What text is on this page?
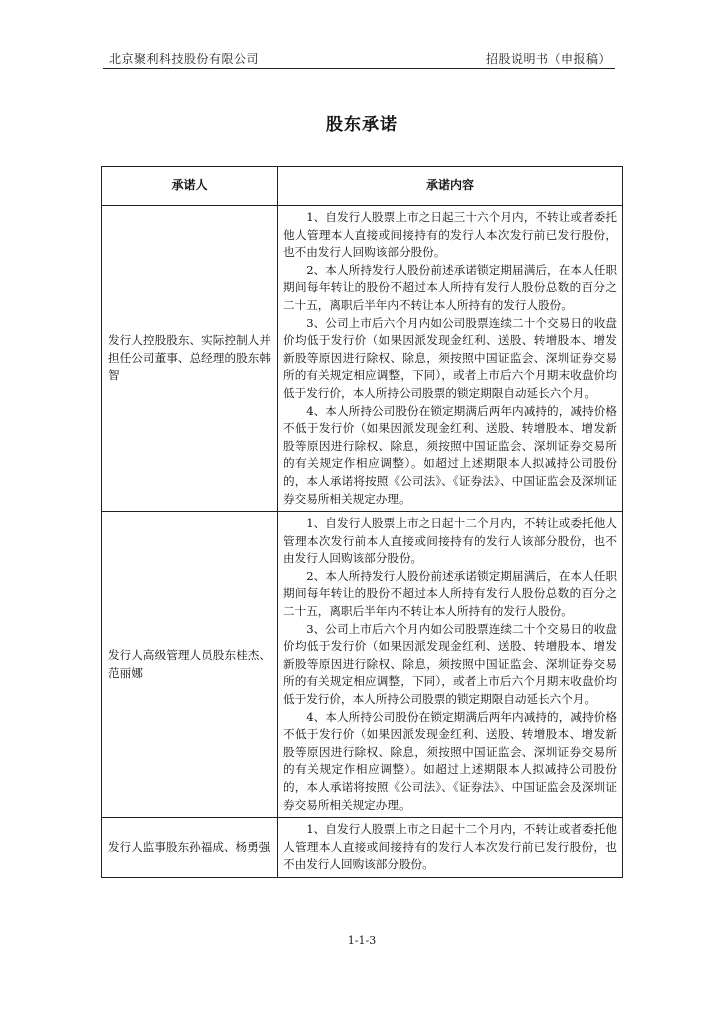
北京聚利科技股份有限公司	招股说明书（申报稿）
股东承诺
承诺人	承诺内容
发行人控股股东、实际控制人并担任公司董事、总经理的股东韩智	1、自发行人股票上市之日起三十六个月内，不转让或者委托他人管理本人直接或间接持有的发行人本次发行前已发行股份，也不由发行人回购该部分股份。

2、本人所持发行人股份前述承诺锁定期届满后，在本人任职期间每年转让的股份不超过本人所持有发行人股份总数的百分之二十五，离职后半年内不转让本人所持有的发行人股份。

3、公司上市后六个月内如公司股票连续二十个交易日的收盘价均低于发行价（如果因派发现金红利、送股、转增股本、增发新股等原因进行除权、除息，须按照中国证监会、深圳证券交易所的有关规定相应调整，下同），或者上市后六个月期末收盘价均低于发行价，本人所持公司股票的锁定期限自动延长六个月。

4、本人所持公司股份在锁定期满后两年内减持的，减持价格不低于发行价（如果因派发现金红利、送股、转增股本、增发新股等原因进行除权、除息，须按照中国证监会、深圳证券交易所的有关规定作相应调整）。如超过上述期限本人拟减持公司股份的，本人承诺将按照《公司法》、《证券法》、中国证监会及深圳证券交易所相关规定办理。

发行人高级管理人员股东桂杰、范丽娜	1、自发行人股票上市之日起十二个月内，不转让或委托他人管理本次发行前本人直接或间接持有的发行人该部分股份，也不由发行人回购该部分股份。

2、本人所持发行人股份前述承诺锁定期届满后，在本人任职期间每年转让的股份不超过本人所持有发行人股份总数的百分之二十五，离职后半年内不转让本人所持有的发行人股份。

3、公司上市后六个月内如公司股票连续二十个交易日的收盘价均低于发行价（如果因派发现金红利、送股、转增股本、增发新股等原因进行除权、除息，须按照中国证监会、深圳证券交易所的有关规定相应调整，下同），或者上市后六个月期末收盘价均低于发行价，本人所持公司股票的锁定期限自动延长六个月。

4、本人所持公司股份在锁定期满后两年内减持的，减持价格不低于发行价（如果因派发现金红利、送股、转增股本、增发新股等原因进行除权、除息，须按照中国证监会、深圳证券交易所的有关规定作相应调整）。如超过上述期限本人拟减持公司股份的，本人承诺将按照《公司法》、《证券法》、中国证监会及深圳证券交易所相关规定办理。

发行人监事股东孙福成、杨勇强	1、自发行人股票上市之日起十二个月内，不转让或者委托他人管理本人直接或间接持有的发行人本次发行前已发行股份，也不由发行人回购该部分股份。

1-1-3
